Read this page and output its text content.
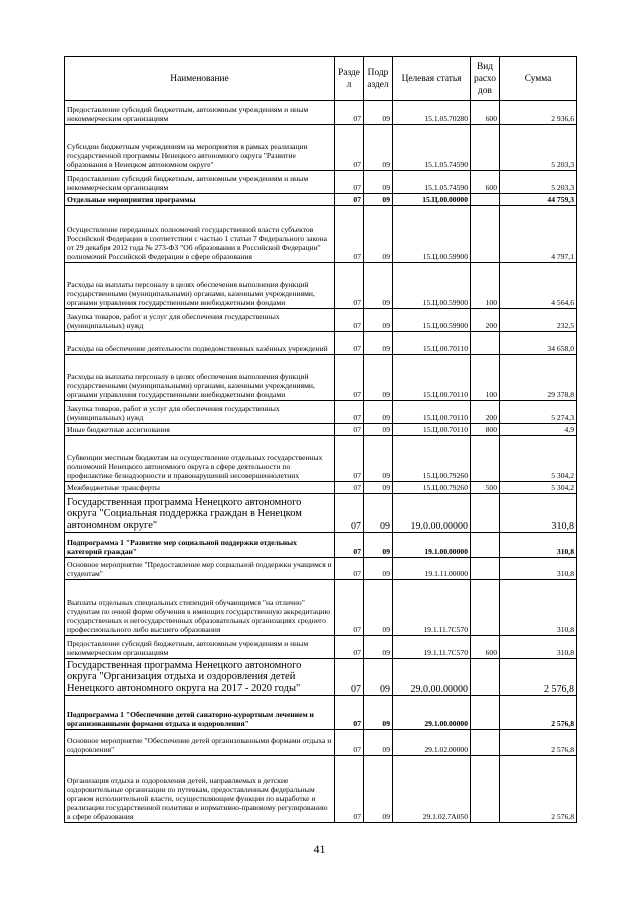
Наименование	Разде л	Подр аздел	Целевая статья	Вид расхо дов	Сумма
Предоставление субсидий бюджетным, автономным учреждениям и иным некоммерческим организациям	07	09	15.1.05.70280	600	2 936,6
Субсидии бюджетным учреждениям на мероприятия в рамках реализации государственной программы Ненецкого автономного округа "Развитие образования в Ненецком автономном округе"	07	09	15.1.05.74590		5 203,3
Предоставление субсидий бюджетным, автономным учреждениям и иным некоммерческим организациям	07	09	15.1.05.74590	600	5 203,3
Отдельные мероприятия программы	07	09	15.Ц.00.00000		44 759,3
Осуществление переданных полномочий государственной власти субъектов Российской Федерации в соответствии с частью 1 статьи 7 Федерального закона от 29 декабря 2012 года № 273-ФЗ "Об образовании в Российской Федерации" полномочий Российской Федерации в сфере образования	07	09	15.Ц.00.59900		4 797,1
Расходы на выплаты персоналу в целях обеспечения выполнения функций государственными (муниципальными) органами, казенными учреждениями, органами управления государственными внебюджетными фондами	07	09	15.Ц.00.59900	100	4 564,6
Закупка товаров, работ и услуг для обеспечения государственных (муниципальных) нужд	07	09	15.Ц.00.59900	200	232,5
Расходы на обеспечение деятельности подведомственных казённых учреждений	07	09	15.Ц.00.70110		34 658,0
Расходы на выплаты персоналу в целях обеспечения выполнения функций государственными (муниципальными) органами, казенными учреждениями, органами управления государственными внебюджетными фондами	07	09	15.Ц.00.70110	100	29 378,8
Закупка товаров, работ и услуг для обеспечения государственных (муниципальных) нужд	07	09	15.Ц.00.70110	200	5 274,3
Иные бюджетные ассигнования	07	09	15.Ц.00.70110	800	4,9
Субвенции местным бюджетам на осуществление отдельных государственных полномочий Ненецкого автономного округа в сфере деятельности по профилактике безнадзорности и правонарушений несовершеннолетних	07	09	15.Ц.00.79260		5 304,2
Межбюджетные трансферты	07	09	15.Ц.00.79260	500	5 304,2
Государственная программа Ненецкого автономного округа "Социальная поддержка граждан в Ненецком автономном округе"	07	09	19.0.00.00000		310,8
Подпрограмма 1 "Развитие мер социальной поддержки отдельных категорий граждан"	07	09	19.1.00.00000		310,8
Основное мероприятие "Предоставление мер социальной поддержки учащимся и студентам"	07	09	19.1.11.00000		310,8
Выплаты отдельных специальных стипендий обучающимся "на отлично" студентам по очной форме обучения в имеющих государственную аккредитацию государственных и негосударственных образовательных организациях среднего профессионального либо высшего образования	07	09	19.1.11.7С570		310,8
Предоставление субсидий бюджетным, автономным учреждениям и иным некоммерческим организациям	07	09	19.1.11.7С570	600	310,8
Государственная программа Ненецкого автономного округа "Организация отдыха и оздоровления детей Ненецкого автономного округа на 2017 - 2020 годы"	07	09	29.0.00.00000		2 576,8
Подпрограмма 1 "Обеспечение детей санаторно-курортным лечением и организованными формами отдыха и оздоровления"	07	09	29.1.00.00000		2 576,8
Основное мероприятие "Обеспечение детей организованными формами отдыха и оздоровления"	07	09	29.1.02.00000		2 576,8
Организация отдыха и оздоровления детей, направляемых в детские оздоровительные организации по путевкам, предоставленным федеральным органом исполнительной власти, осуществляющим функции по выработке и реализации государственной политики и нормативно-правовому регулированию в сфере образования	07	09	29.1.02.7А050		2 576,8
41
